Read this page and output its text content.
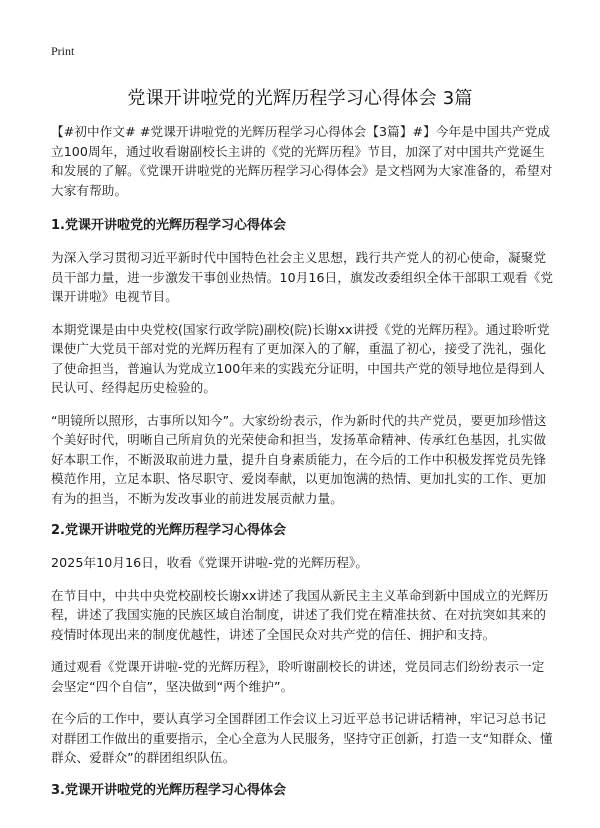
Print
党课开讲啦党的光辉历程学习心得体会 3篇

【#初中作文# #党课开讲啦党的光辉历程学习心得体会【3篇】#】今年是中国共产党成立100周年，通过收看谢副校长主讲的《党的光辉历程》节目，加深了对中国共产党诞生和发展的了解。《党课开讲啦党的光辉历程学习心得体会》是文档网为大家准备的，希望对大家有帮助。

1.党课开讲啦党的光辉历程学习心得体会

为深入学习贯彻习近平新时代中国特色社会主义思想，践行共产党人的初心使命，凝聚党员干部力量，进一步激发干事创业热情。10月16日，旗发改委组织全体干部职工观看《党课开讲啦》电视节目。

本期党课是由中央党校(国家行政学院)副校(院)长谢xx讲授《党的光辉历程》。通过聆听党课使广大党员干部对党的光辉历程有了更加深入的了解，重温了初心，接受了洗礼，强化了使命担当，普遍认为党成立100年来的实践充分证明，中国共产党的领导地位是得到人民认可、经得起历史检验的。

“明镜所以照形，古事所以知今”。大家纷纷表示，作为新时代的共产党员，要更加珍惜这个美好时代，明晰自己所肩负的光荣使命和担当，发扬革命精神、传承红色基因，扎实做好本职工作，不断汲取前进力量，提升自身素质能力，在今后的工作中积极发挥党员先锋模范作用，立足本职、恪尽职守、爱岗奉献，以更加饱满的热情、更加扎实的工作、更加有为的担当，不断为发改事业的前进发展贡献力量。

2.党课开讲啦党的光辉历程学习心得体会

2025年10月16日，收看《党课开讲啦-党的光辉历程》。

在节目中，中共中央党校副校长谢xx讲述了我国从新民主主义革命到新中国成立的光辉历程，讲述了我国实施的民族区域自治制度，讲述了我们党在精准扶贫、在对抗突如其来的疫情时体现出来的制度优越性，讲述了全国民众对共产党的信任、拥护和支持。

通过观看《党课开讲啦-党的光辉历程》，聆听谢副校长的讲述，党员同志们纷纷表示一定会坚定“四个自信”，坚决做到“两个维护”。

在今后的工作中，要认真学习全国群团工作会议上习近平总书记讲话精神，牢记习总书记对群团工作做出的重要指示，全心全意为人民服务，坚持守正创新，打造一支“知群众、懂群众、爱群众”的群团组织队伍。

3.党课开讲啦党的光辉历程学习心得体会
